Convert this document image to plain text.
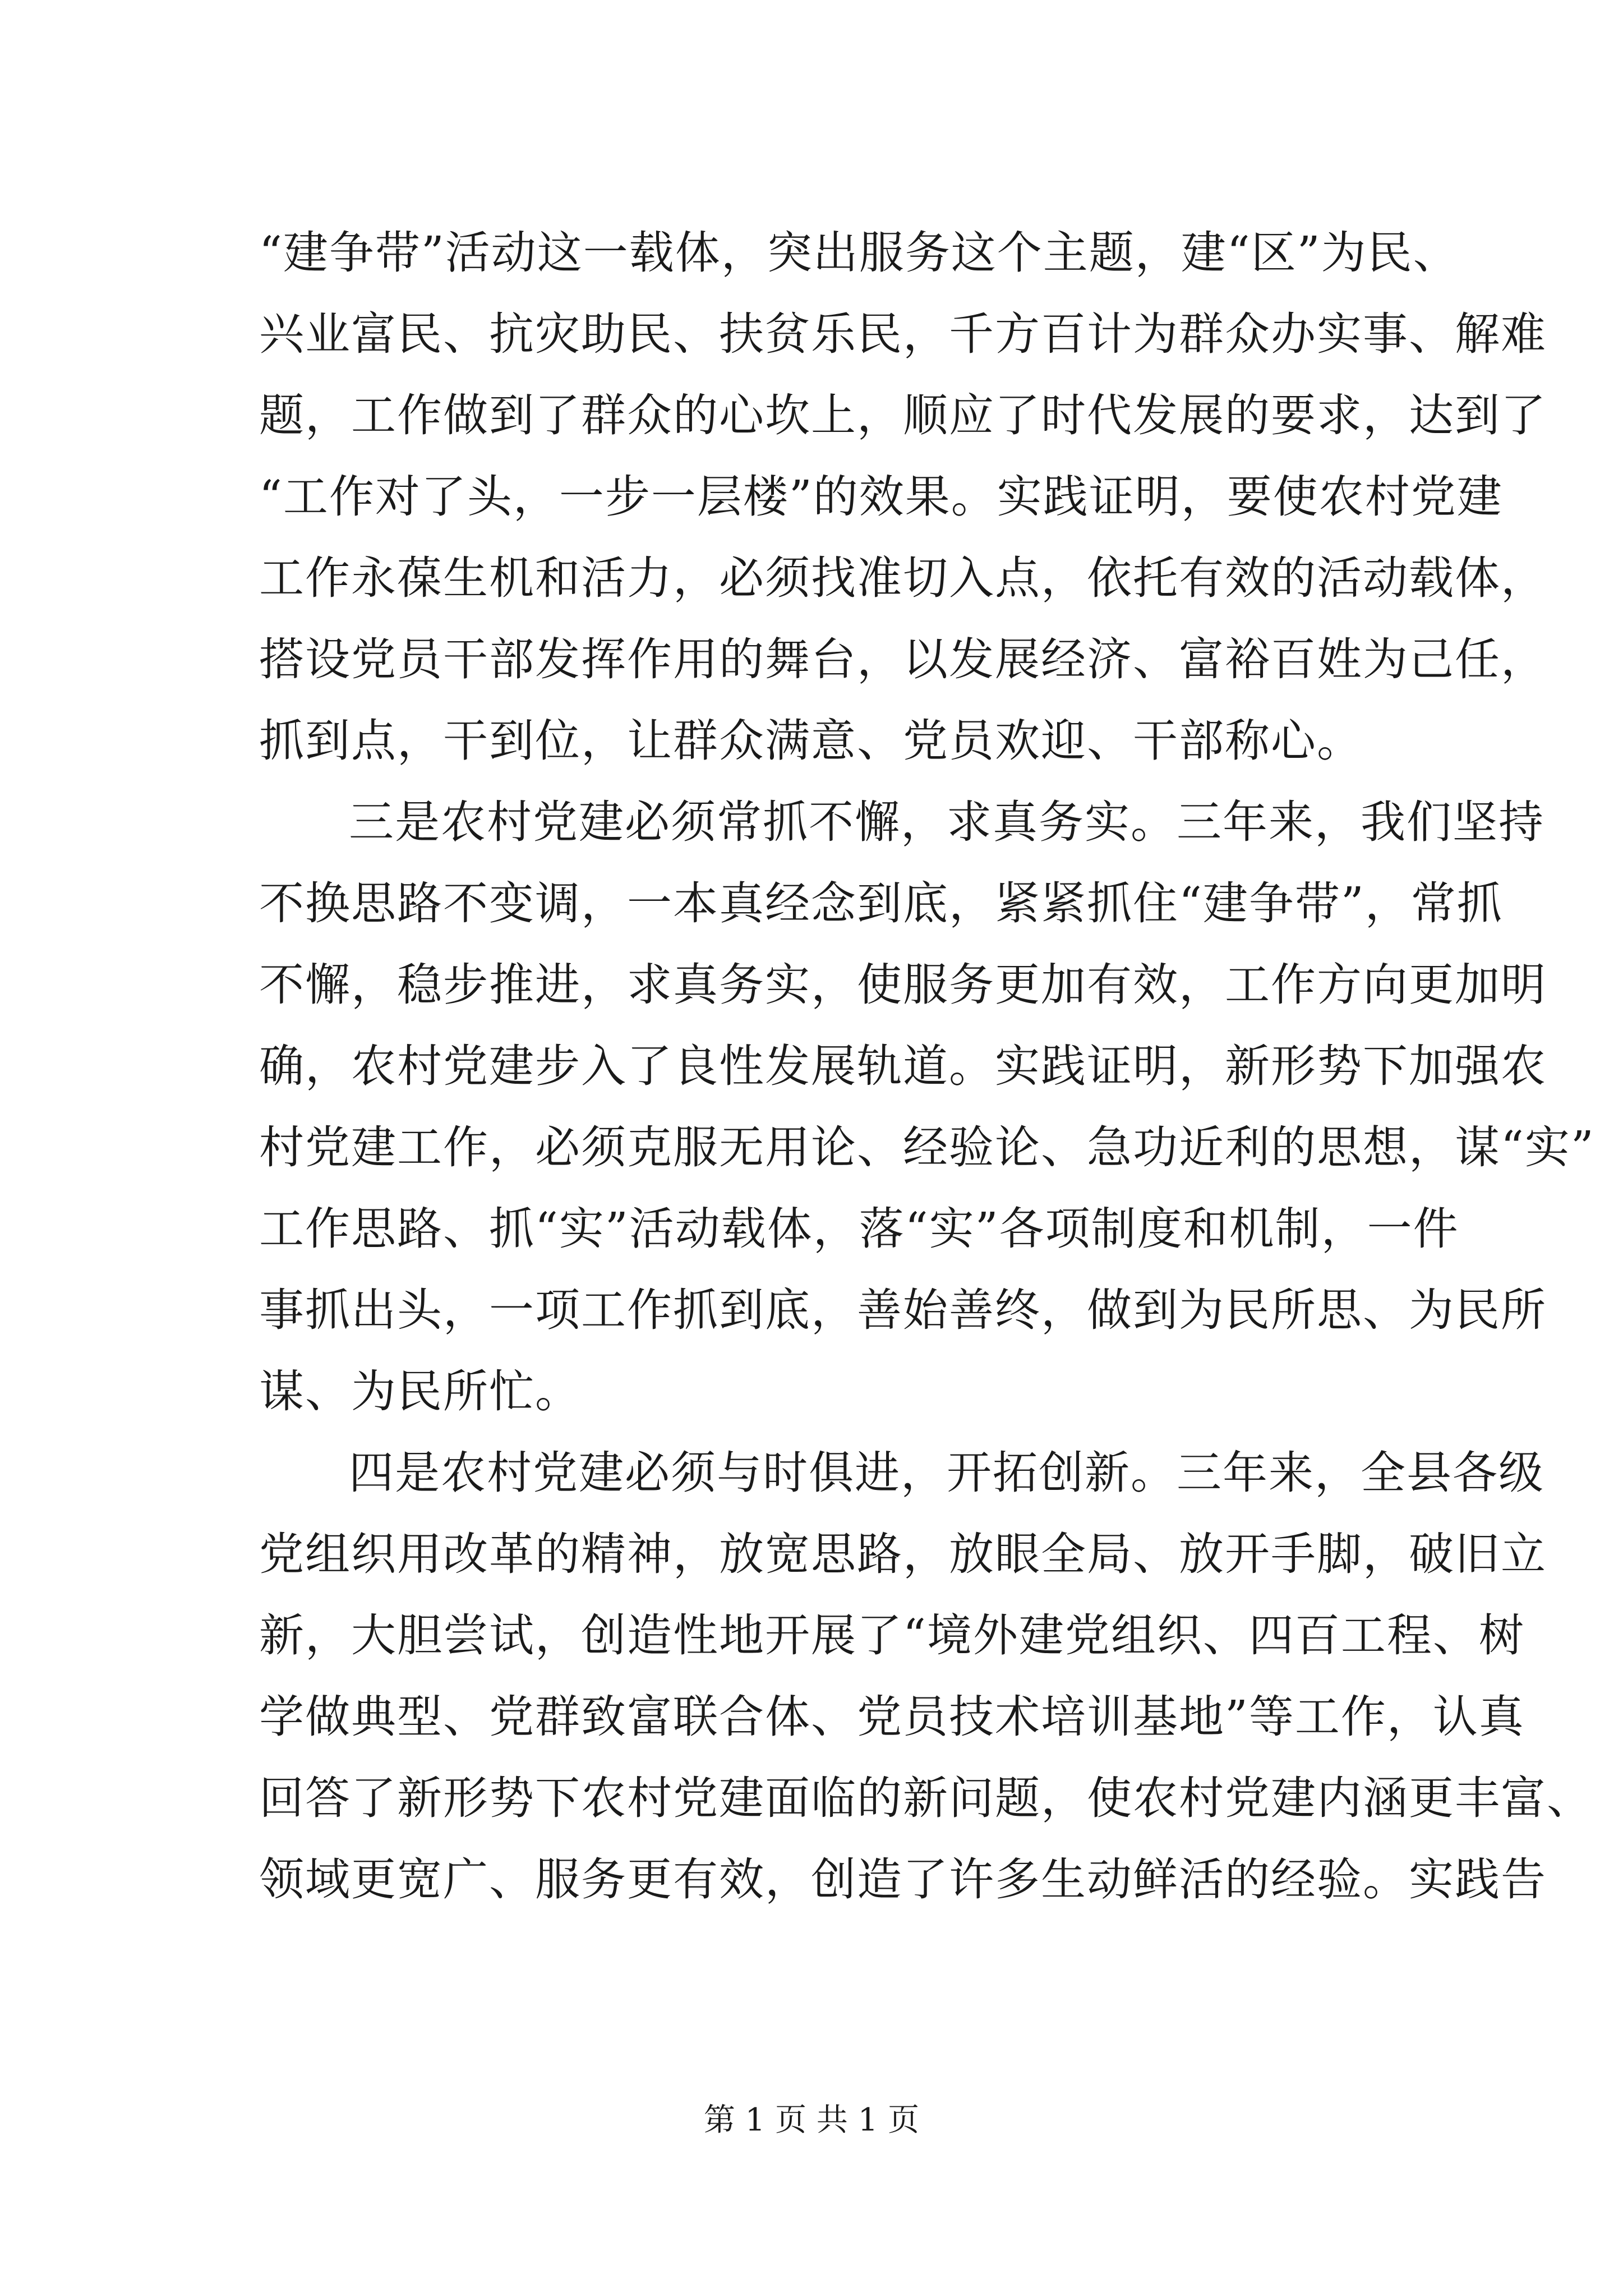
“建争带”活动这一载体，突出服务这个主题，建“区”为民、
兴业富民、抗灾助民、扶贫乐民，千方百计为群众办实事、解难
题，工作做到了群众的心坎上，顺应了时代发展的要求，达到了
“工作对了头，一步一层楼”的效果。实践证明，要使农村党建
工作永葆生机和活力，必须找准切入点，依托有效的活动载体，
搭设党员干部发挥作用的舞台，以发展经济、富裕百姓为己任，
抓到点，干到位，让群众满意、党员欢迎、干部称心。
三是农村党建必须常抓不懈，求真务实。三年来，我们坚持
不换思路不变调，一本真经念到底，紧紧抓住“建争带”，常抓
不懈，稳步推进，求真务实，使服务更加有效，工作方向更加明
确，农村党建步入了良性发展轨道。实践证明，新形势下加强农
村党建工作，必须克服无用论、经验论、急功近利的思想，谋“实”
工作思路、抓“实”活动载体，落“实”各项制度和机制，一件
事抓出头，一项工作抓到底，善始善终，做到为民所思、为民所
谋、为民所忙。
四是农村党建必须与时俱进，开拓创新。三年来，全县各级
党组织用改革的精神，放宽思路，放眼全局、放开手脚，破旧立
新，大胆尝试，创造性地开展了“境外建党组织、四百工程、树
学做典型、党群致富联合体、党员技术培训基地”等工作，认真
回答了新形势下农村党建面临的新问题，使农村党建内涵更丰富、
领域更宽广、服务更有效，创造了许多生动鲜活的经验。实践告
第 1 页 共 1 页
